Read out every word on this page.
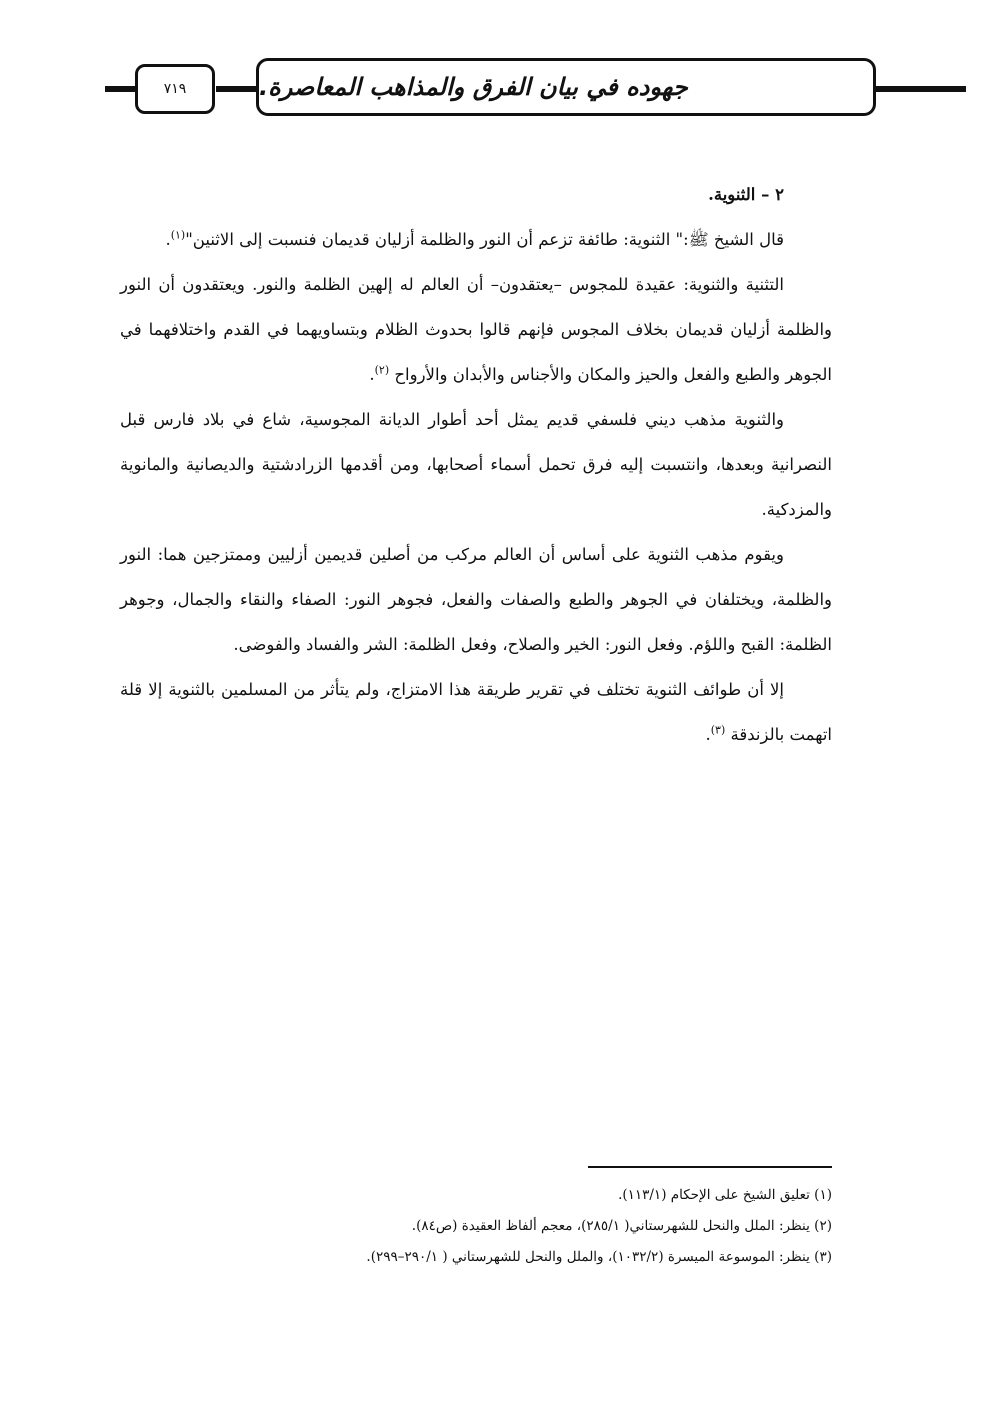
٧١٩	جهوده في بيان الفرق والمذاهب المعاصرة.
٢ – الثنوية.

قال الشيخ ﷺ:" الثنوية: طائفة تزعم أن النور والظلمة أزليان قديمان فنسبت إلى الاثنين"$^{(١)}$.

التثنية والثنوية: عقيدة للمجوس –يعتقدون– أن العالم له إلهين الظلمة والنور. ويعتقدون أن النور والظلمة أزليان قديمان بخلاف المجوس فإنهم قالوا بحدوث الظلام وبتساويهما في القدم واختلافهما في الجوهر والطبع والفعل والحيز والمكان والأجناس والأبدان والأرواح $^{(٢)}$.

والثنوية مذهب ديني فلسفي قديم يمثل أحد أطوار الديانة المجوسية، شاع في بلاد فارس قبل النصرانية وبعدها، وانتسبت إليه فرق تحمل أسماء أصحابها، ومن أقدمها الزرادشتية والديصانية والمانوية والمزدكية.

ويقوم مذهب الثنوية على أساس أن العالم مركب من أصلين قديمين أزليين وممتزجين هما: النور والظلمة، ويختلفان في الجوهر والطبع والصفات والفعل، فجوهر النور: الصفاء والنقاء والجمال، وجوهر الظلمة: القبح واللؤم. وفعل النور: الخير والصلاح، وفعل الظلمة: الشر والفساد والفوضى.

إلا أن طوائف الثنوية تختلف في تقرير طريقة هذا الامتزاج، ولم يتأثر من المسلمين بالثنوية إلا قلة اتهمت بالزندقة $^{(٣)}$.

(١) تعليق الشيخ على الإحكام (١١٣/١).
(٢) ينظر: الملل والنحل للشهرستاني( ٢٨٥/١)، معجم ألفاظ العقيدة (ص٨٤).
(٣) ينظر: الموسوعة الميسرة (١٠٣٢/٢)، والملل والنحل للشهرستاني ( ٢٩٠/١–٢٩٩).
